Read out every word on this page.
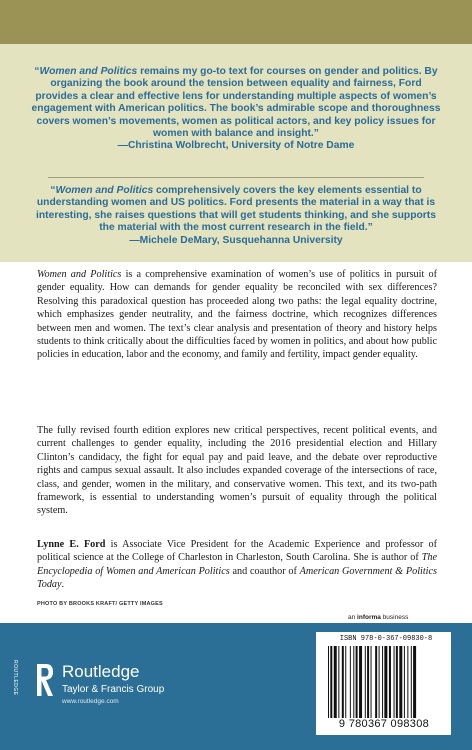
“Women and Politics remains my go-to text for courses on gender and politics. By organizing the book around the tension between equality and fairness, Ford provides a clear and effective lens for understanding multiple aspects of women’s engagement with American politics. The book’s admirable scope and thoroughness covers women’s movements, women as political actors, and key policy issues for women with balance and insight.”
—Christina Wolbrecht, University of Notre Dame
“Women and Politics comprehensively covers the key elements essential to understanding women and US politics. Ford presents the material in a way that is interesting, she raises questions that will get students thinking, and she supports the material with the most current research in the field.”
—Michele DeMary, Susquehanna University

Women and Politics is a comprehensive examination of women’s use of politics in pursuit of gender equality. How can demands for gender equality be reconciled with sex differences? Resolving this paradoxical question has proceeded along two paths: the legal equality doctrine, which emphasizes gender neutrality, and the fairness doctrine, which recognizes differences between men and women. The text’s clear analysis and presentation of theory and history helps students to think critically about the difficulties faced by women in politics, and about how public policies in education, labor and the economy, and family and fertility, impact gender equality.

The fully revised fourth edition explores new critical perspectives, recent political events, and current challenges to gender equality, including the 2016 presidential election and Hillary Clinton’s candidacy, the fight for equal pay and paid leave, and the debate over reproductive rights and campus sexual assault. It also includes expanded coverage of the intersections of race, class, and gender, women in the military, and conservative women. This text, and its two-path framework, is essential to understanding women’s pursuit of equality through the political system.

Lynne E. Ford is Associate Vice President for the Academic Experience and professor of political science at the College of Charleston in Charleston, South Carolina. She is author of The Encyclopedia of Women and American Politics and coauthor of American Government & Politics Today.

PHOTO BY BROOKS KRAFT/ GETTY IMAGES
an informa business
ROUTLEDGE	Routledge
Taylor & Francis Group
www.routledge.com
ISBN 978-0-367-09830-8
9 780367 098308
